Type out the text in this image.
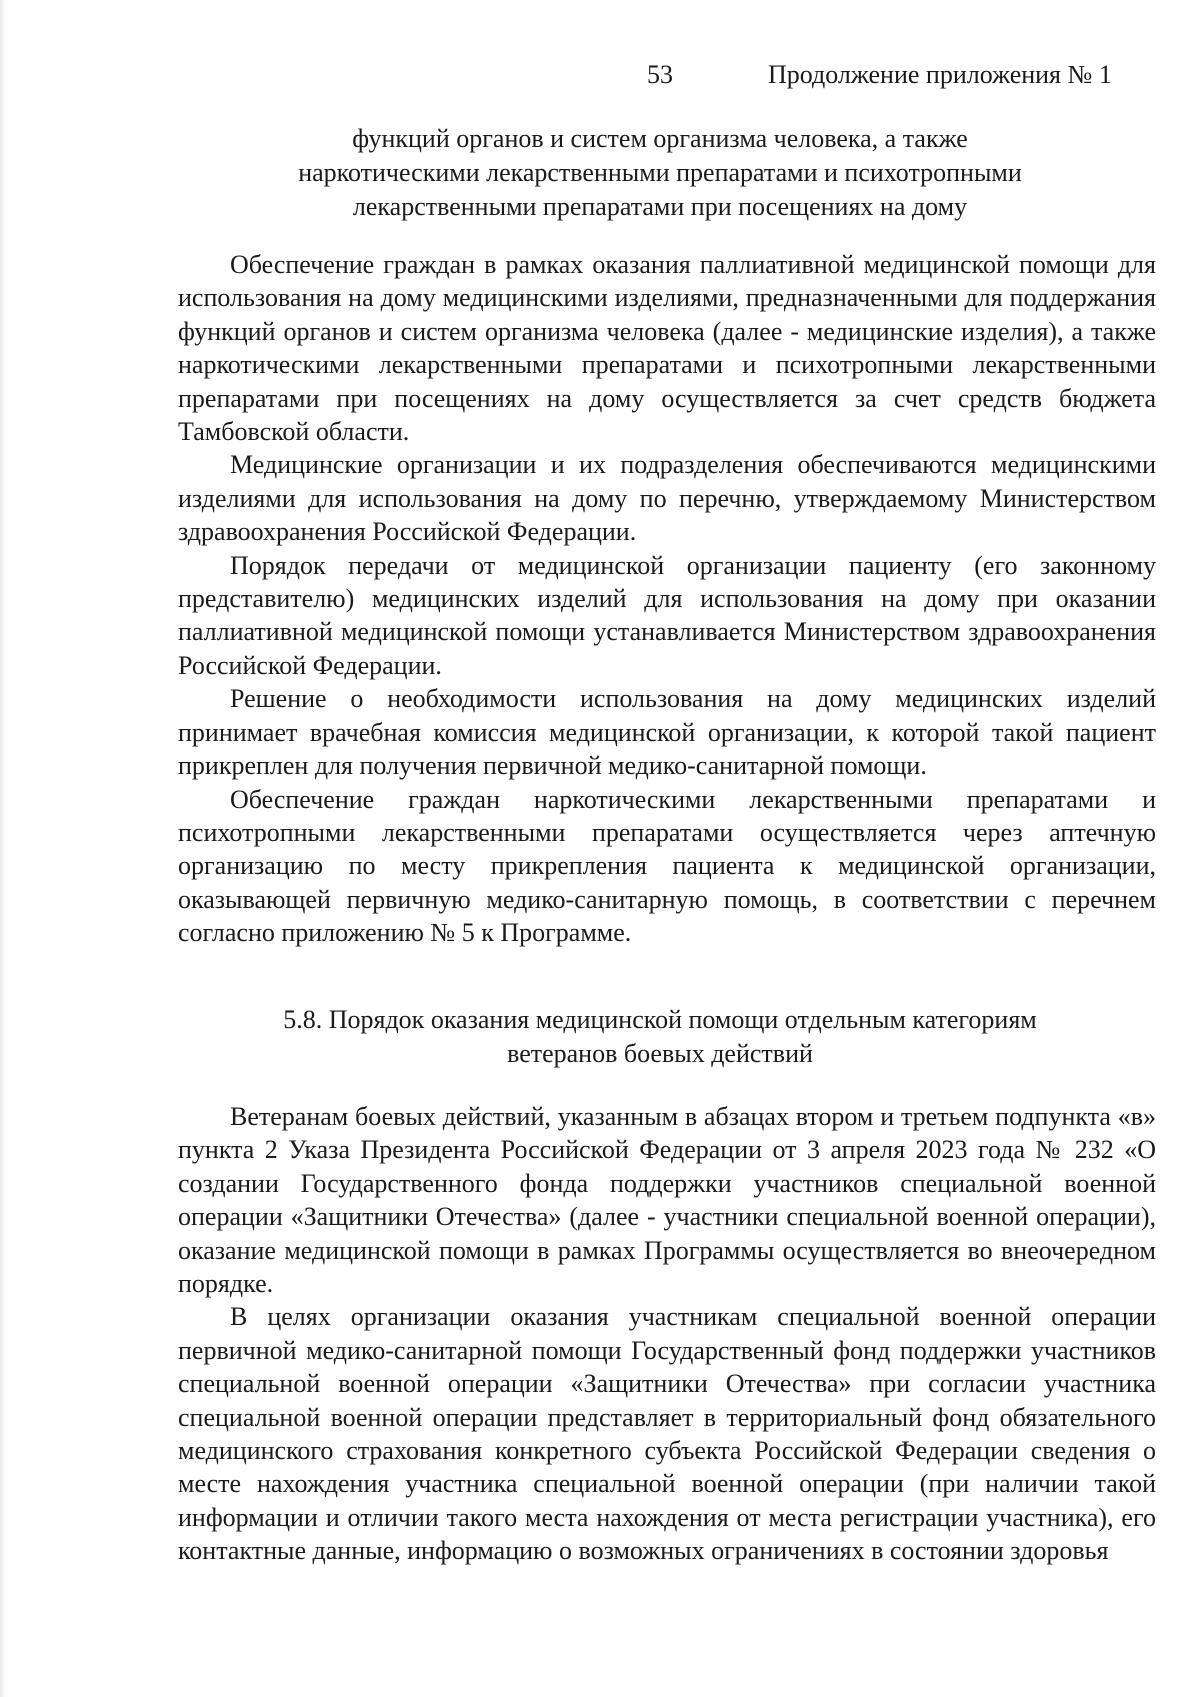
53	Продолжение приложения № 1
функций органов и систем организма человека, а также
наркотическими лекарственными препаратами и психотропными
лекарственными препаратами при посещениях на дому

Обеспечение граждан в рамках оказания паллиативной медицинской помощи для использования на дому медицинскими изделиями, предназначенными для поддержания функций органов и систем организма человека (далее - медицинские изделия), а также наркотическими лекарственными препаратами и психотропными лекарственными препаратами при посещениях на дому осуществляется за счет средств бюджета Тамбовской области.

Медицинские организации и их подразделения обеспечиваются медицинскими изделиями для использования на дому по перечню, утверждаемому Министерством здравоохранения Российской Федерации.

Порядок передачи от медицинской организации пациенту (его законному представителю) медицинских изделий для использования на дому при оказании паллиативной медицинской помощи устанавливается Министерством здравоохранения Российской Федерации.

Решение о необходимости использования на дому медицинских изделий принимает врачебная комиссия медицинской организации, к которой такой пациент прикреплен для получения первичной медико-санитарной помощи.

Обеспечение граждан наркотическими лекарственными препаратами и психотропными лекарственными препаратами осуществляется через аптечную организацию по месту прикрепления пациента к медицинской организации, оказывающей первичную медико-санитарную помощь, в соответствии с перечнем согласно приложению № 5 к Программе.

5.8. Порядок оказания медицинской помощи отдельным категориям
ветеранов боевых действий

Ветеранам боевых действий, указанным в абзацах втором и третьем подпункта «в» пункта 2 Указа Президента Российской Федерации от 3 апреля 2023 года № 232 «О создании Государственного фонда поддержки участников специальной военной операции «Защитники Отечества» (далее - участники специальной военной операции), оказание медицинской помощи в рамках Программы осуществляется во внеочередном порядке.

В целях организации оказания участникам специальной военной операции первичной медико-санитарной помощи Государственный фонд поддержки участников специальной военной операции «Защитники Отечества» при согласии участника специальной военной операции представляет в территориальный фонд обязательного медицинского страхования конкретного субъекта Российской Федерации сведения о месте нахождения участника специальной военной операции (при наличии такой информации и отличии такого места нахождения от места регистрации участника), его контактные данные, информацию о возможных ограничениях в состоянии здоровья
